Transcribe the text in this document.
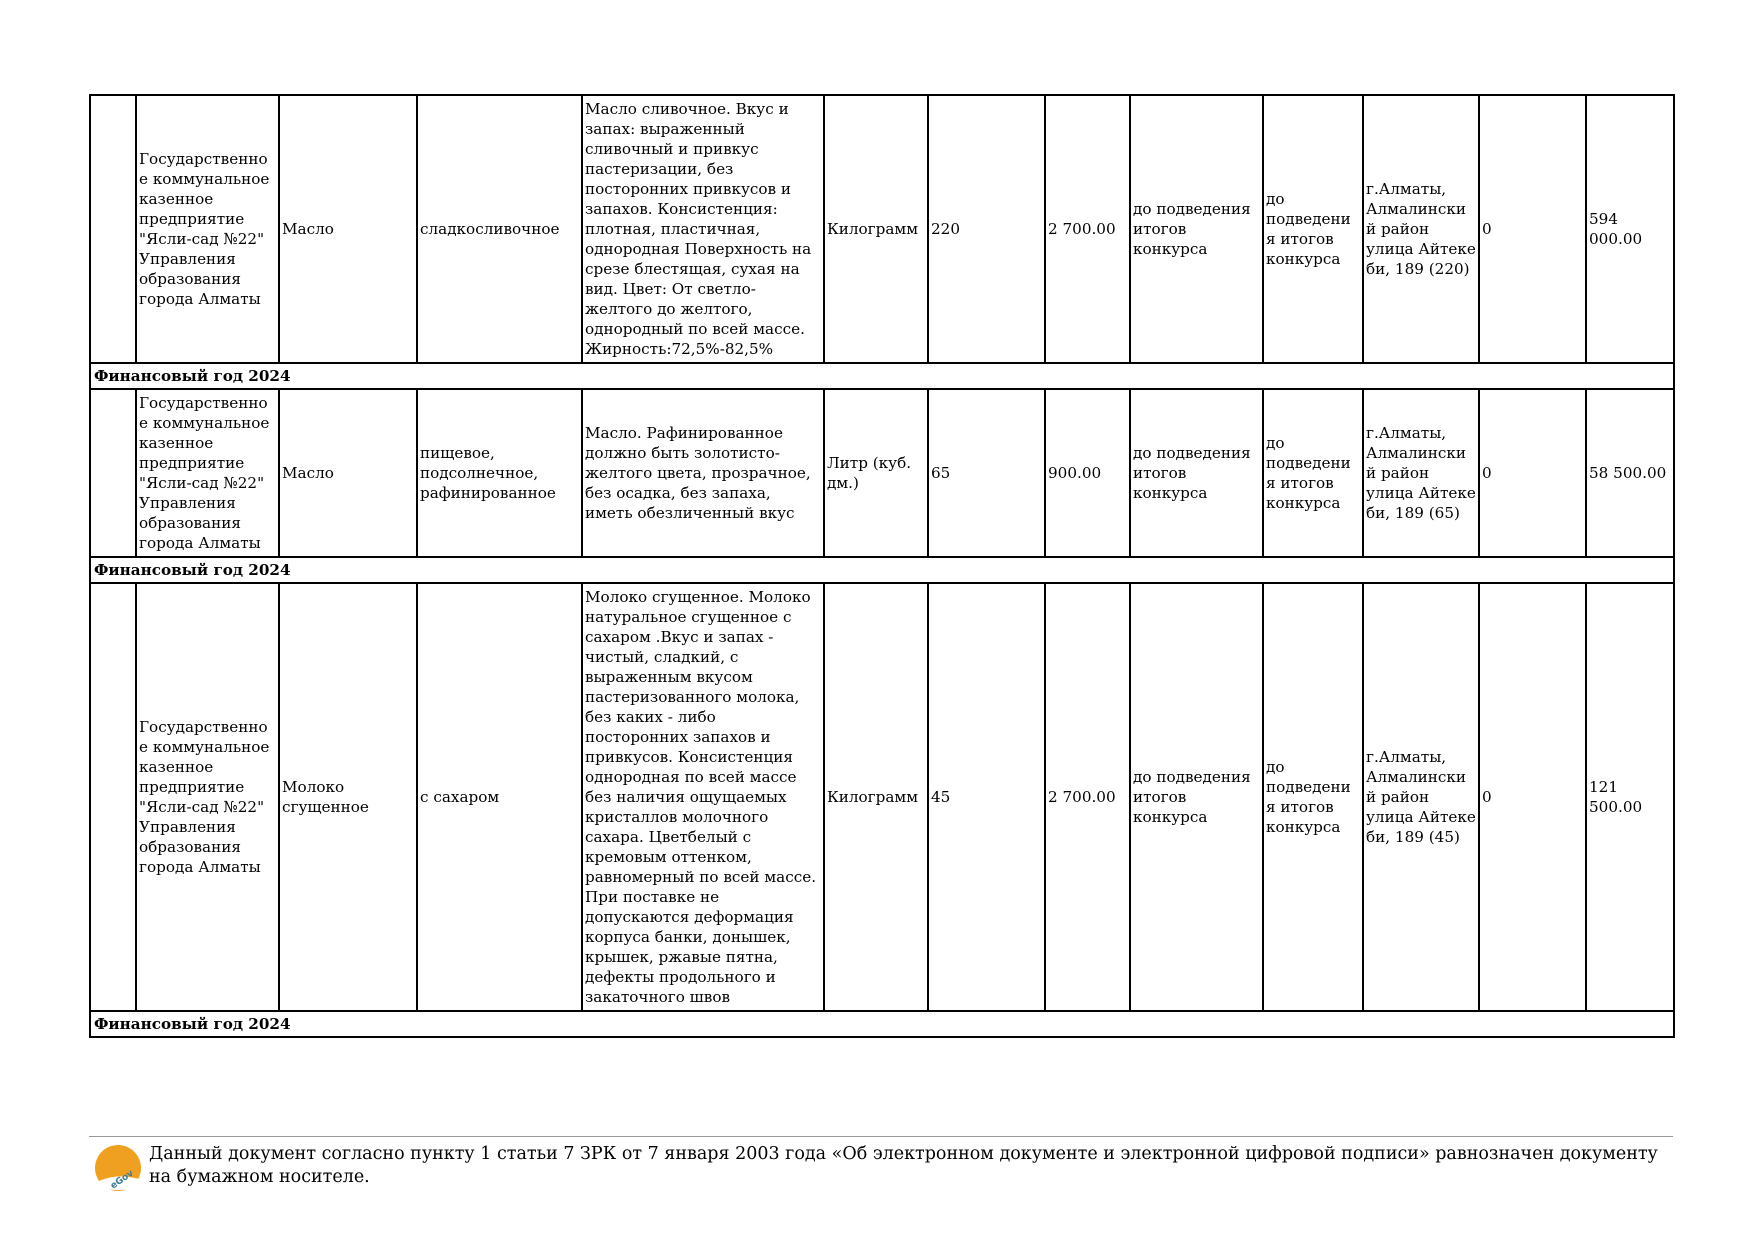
	Государственное коммунальное казенное предприятие "Ясли-сад №22" Управления образования города Алматы	Масло	сладкосливочное	Масло сливочное. Вкус и запах: выраженный сливочный и привкус пастеризации, без посторонних привкусов и запахов. Консистенция: плотная, пластичная, однородная Поверхность на срезе блестящая, сухая на вид. Цвет: От светло-желтого до желтого, однородный по всей массе. Жирность:72,5%-82,5%	Килограмм	220	2 700.00	до подведения итогов конкурса	до подведения итогов конкурса	г.Алматы, Алмалинский район улица Айтеке би, 189 (220)	0	594 000.00
Финансовый год 2024												
	Государственное коммунальное казенное предприятие "Ясли-сад №22" Управления образования города Алматы	Масло	пищевое, подсолнечное, рафинированное	Масло. Рафинированное должно быть золотисто-желтого цвета, прозрачное, без осадка, без запаха, иметь обезличенный вкус	Литр (куб. дм.)	65	900.00	до подведения итогов конкурса	до подведения итогов конкурса	г.Алматы, Алмалинский район улица Айтеке би, 189 (65)	0	58 500.00
Финансовый год 2024												
	Государственное коммунальное казенное предприятие "Ясли-сад №22" Управления образования города Алматы	Молоко сгущенное	с сахаром	Молоко сгущенное. Молоко натуральное сгущенное с сахаром .Вкус и запах - чистый, сладкий, с выраженным вкусом пастеризованного молока, без каких - либо посторонних запахов и привкусов. Консистенция однородная по всей массе без наличия ощущаемых кристаллов молочного сахара. Цветбелый с кремовым оттенком, равномерный по всей массе. При поставке не допускаются деформация корпуса банки, донышек, крышек, ржавые пятна, дефекты продольного и закаточного швов	Килограмм	45	2 700.00	до подведения итогов конкурса	до подведения итогов конкурса	г.Алматы, Алмалинский район улица Айтеке би, 189 (45)	0	121 500.00
Финансовый год 2024												
eGov
Данный документ согласно пункту 1 статьи 7 ЗРК от 7 января 2003 года «Об электронном документе и электронной цифровой подписи» равнозначен документу на бумажном носителе.
